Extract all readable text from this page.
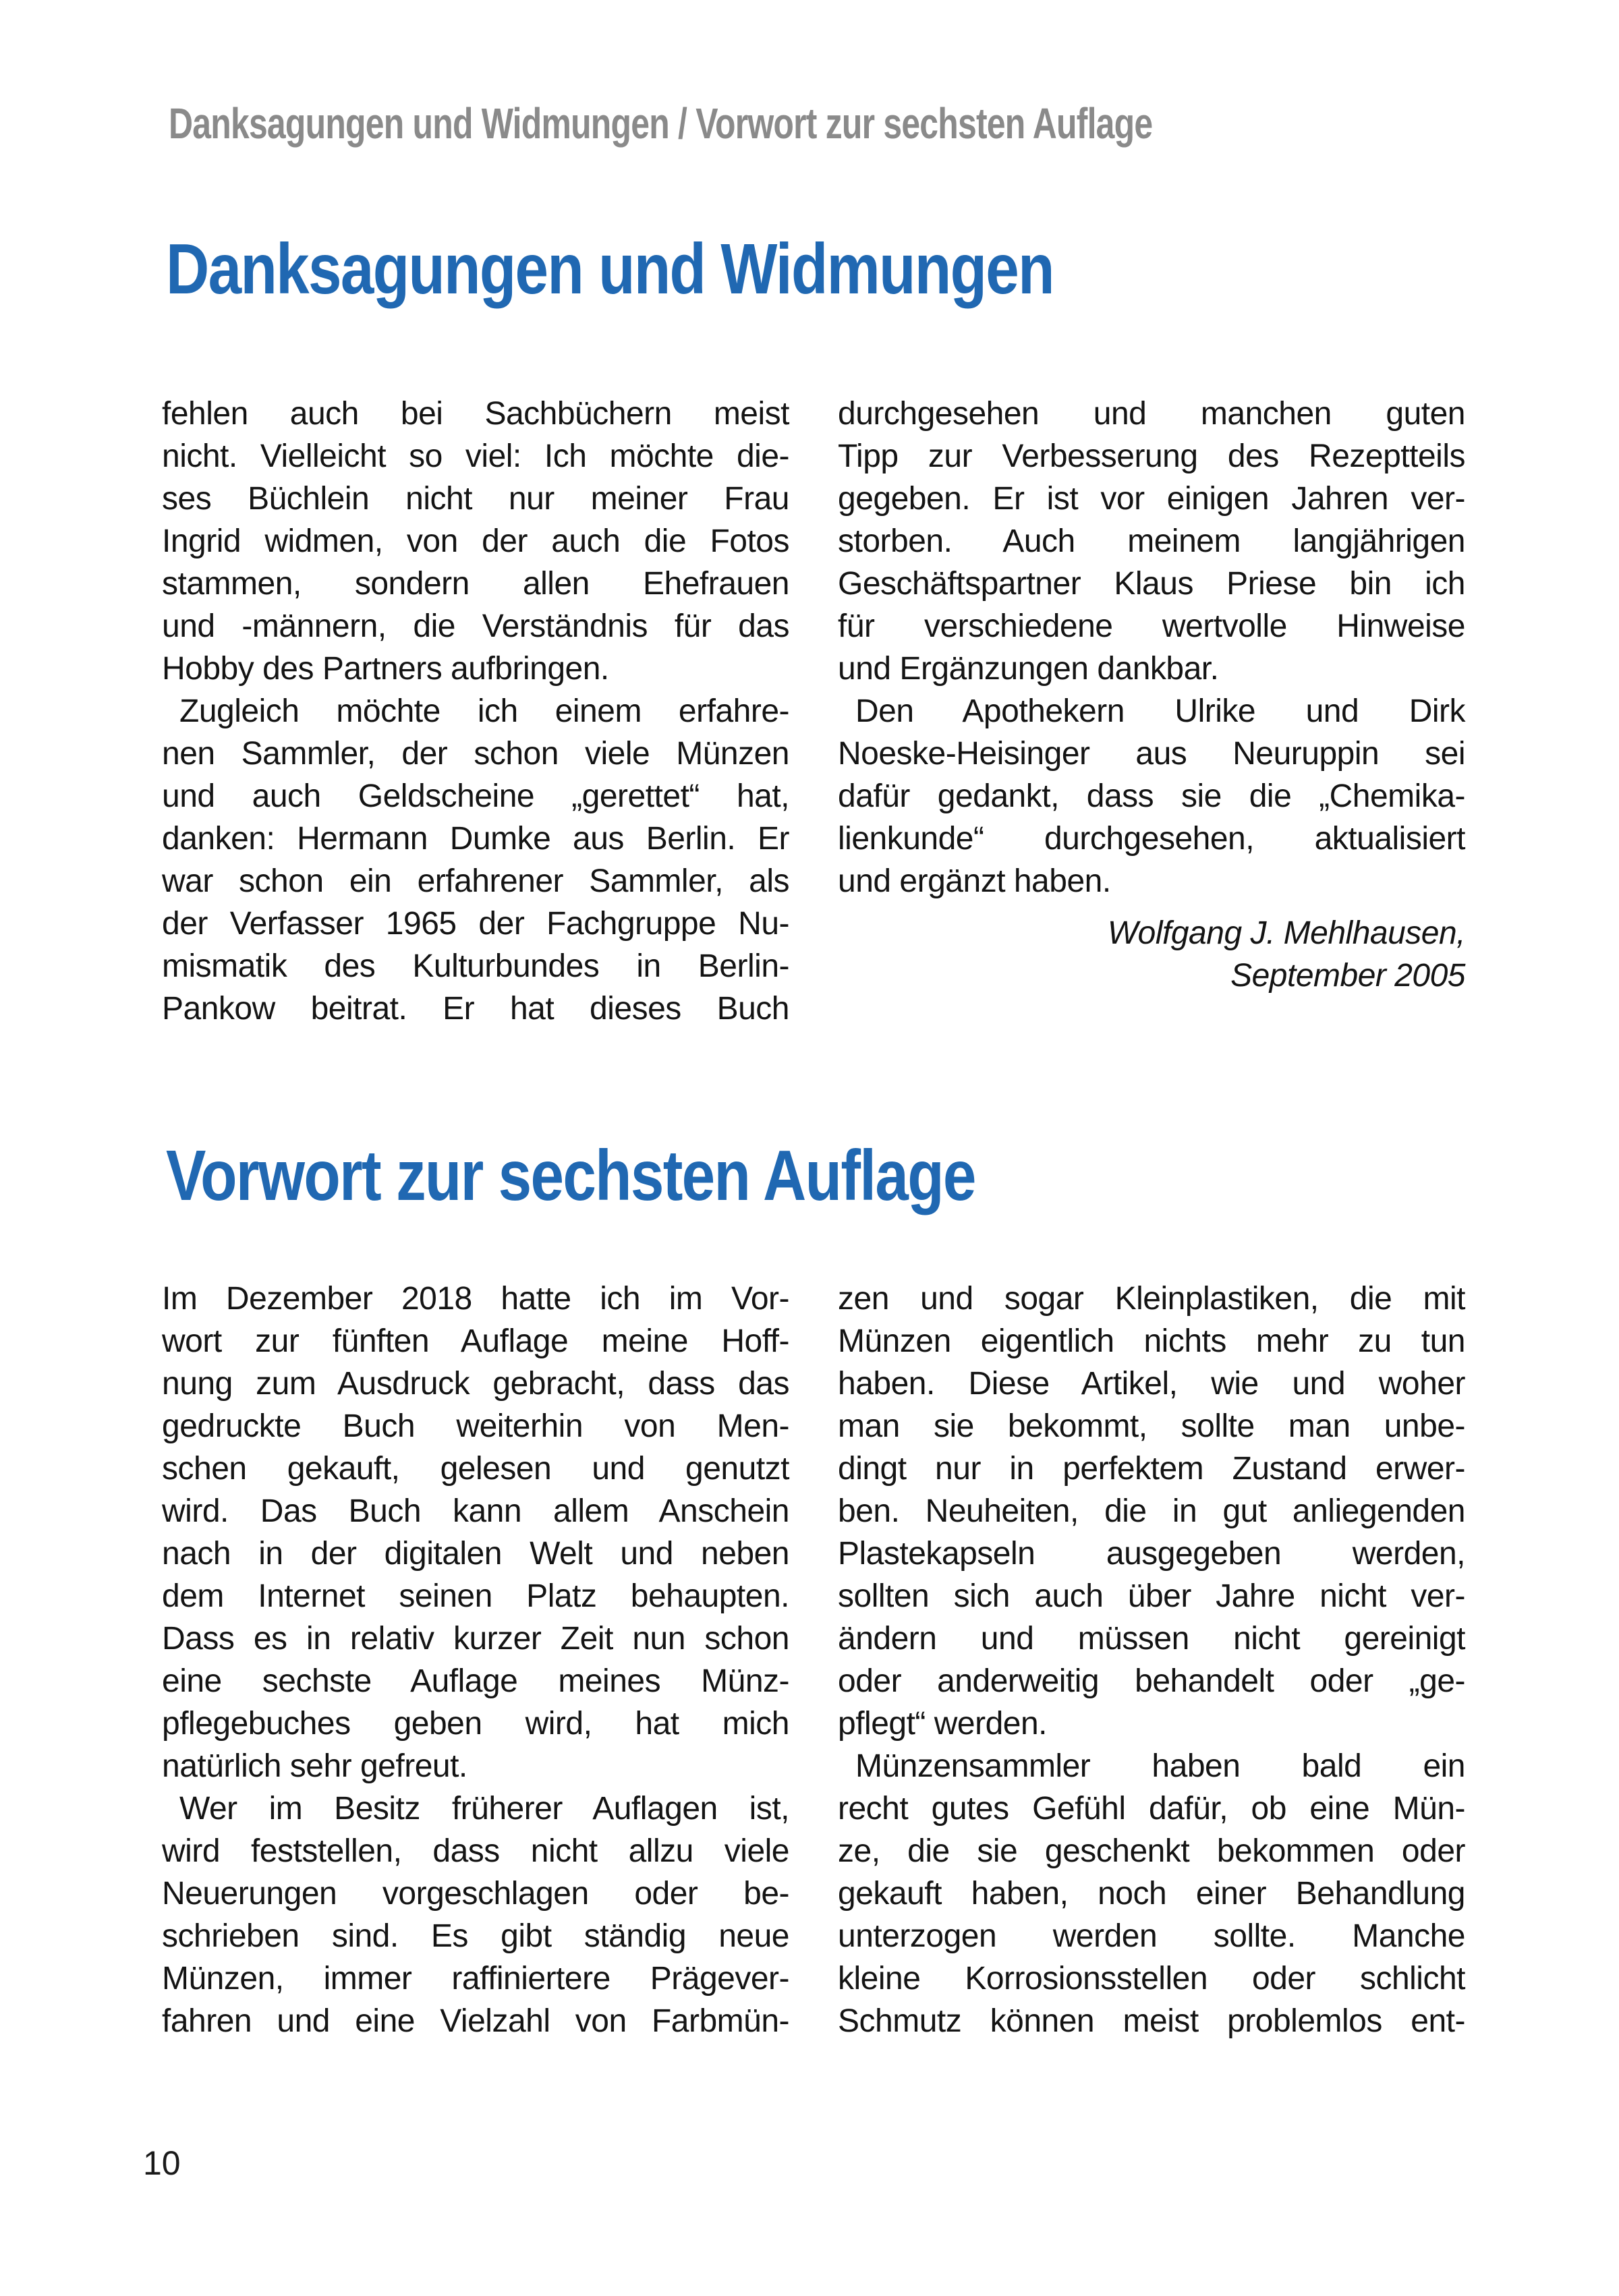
Danksagungen und Widmungen / Vorwort zur sechsten Auflage
Danksagungen und Widmungen
fehlen auch bei Sachbüchern meist
nicht. Vielleicht so viel: Ich möchte die-
ses Büchlein nicht nur meiner Frau
Ingrid widmen, von der auch die Fotos
stammen, sondern allen Ehefrauen
und -männern, die Verständnis für das
Hobby des Partners aufbringen.
Zugleich möchte ich einem erfahre-
nen Sammler, der schon viele Münzen
und auch Geldscheine „gerettet“ hat,
danken: Hermann Dumke aus Berlin. Er
war schon ein erfahrener Sammler, als
der Verfasser 1965 der Fachgruppe Nu-
mismatik des Kulturbundes in Berlin-
Pankow beitrat. Er hat dieses Buch
durchgesehen und manchen guten
Tipp zur Verbesserung des Rezeptteils
gegeben. Er ist vor einigen Jahren ver-
storben. Auch meinem langjährigen
Geschäftspartner Klaus Priese bin ich
für verschiedene wertvolle Hinweise
und Ergänzungen dankbar.
Den Apothekern Ulrike und Dirk
Noeske-Heisinger aus Neuruppin sei
dafür gedankt, dass sie die „Chemika-
lienkunde“ durchgesehen, aktualisiert
und ergänzt haben.
Wolfgang J. Mehlhausen,
September 2005
Vorwort zur sechsten Auflage
Im Dezember 2018 hatte ich im Vor-
wort zur fünften Auflage meine Hoff-
nung zum Ausdruck gebracht, dass das
gedruckte Buch weiterhin von Men-
schen gekauft, gelesen und genutzt
wird. Das Buch kann allem Anschein
nach in der digitalen Welt und neben
dem Internet seinen Platz behaupten.
Dass es in relativ kurzer Zeit nun schon
eine sechste Auflage meines Münz-
pflegebuches geben wird, hat mich
natürlich sehr gefreut.
Wer im Besitz früherer Auflagen ist,
wird feststellen, dass nicht allzu viele
Neuerungen vorgeschlagen oder be-
schrieben sind. Es gibt ständig neue
Münzen, immer raffiniertere Prägever-
fahren und eine Vielzahl von Farbmün-
zen und sogar Kleinplastiken, die mit
Münzen eigentlich nichts mehr zu tun
haben. Diese Artikel, wie und woher
man sie bekommt, sollte man unbe-
dingt nur in perfektem Zustand erwer-
ben. Neuheiten, die in gut anliegenden
Plastekapseln ausgegeben werden,
sollten sich auch über Jahre nicht ver-
ändern und müssen nicht gereinigt
oder anderweitig behandelt oder „ge-
pflegt“ werden.
Münzensammler haben bald ein
recht gutes Gefühl dafür, ob eine Mün-
ze, die sie geschenkt bekommen oder
gekauft haben, noch einer Behandlung
unterzogen werden sollte. Manche
kleine Korrosionsstellen oder schlicht
Schmutz können meist problemlos ent-
10
